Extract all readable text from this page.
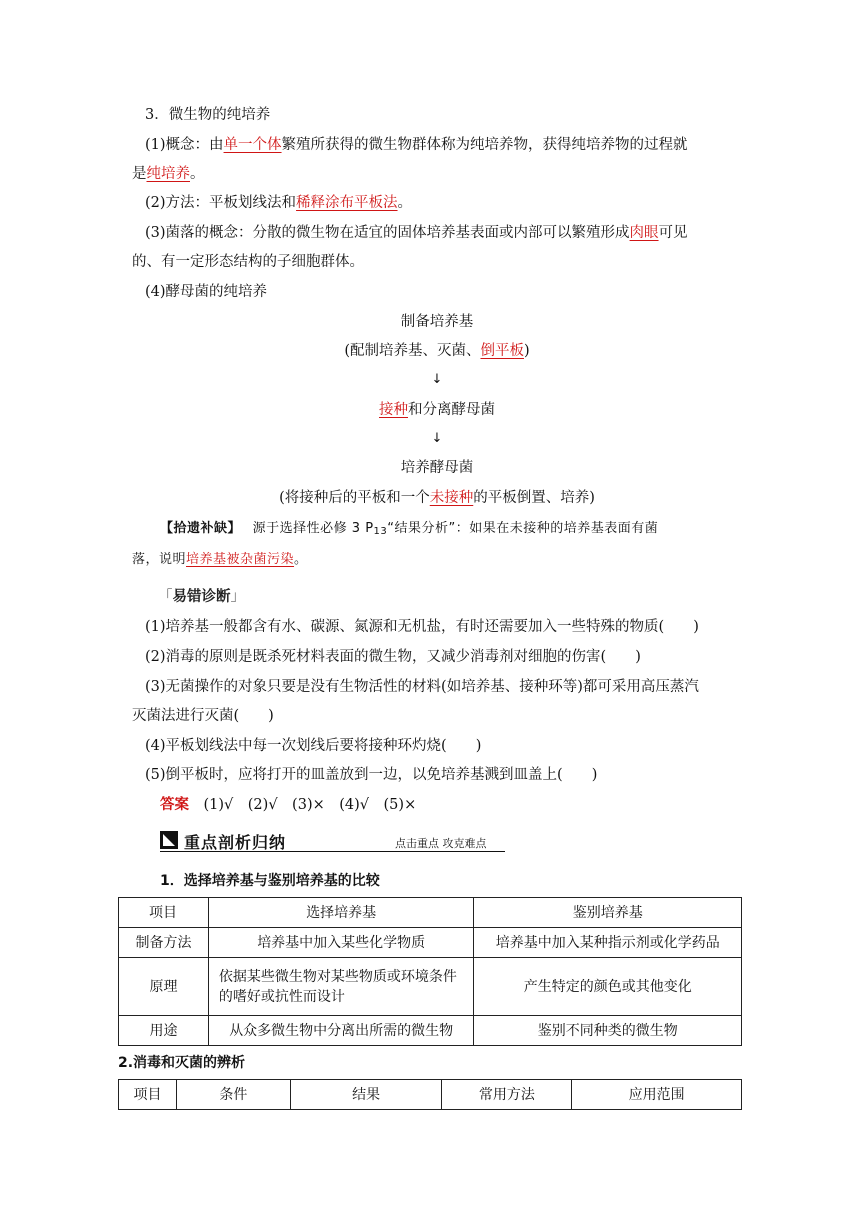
3．微生物的纯培养
(1)概念：由单一个体繁殖所获得的微生物群体称为纯培养物，获得纯培养物的过程就
是纯培养。
(2)方法：平板划线法和稀释涂布平板法。
(3)菌落的概念：分散的微生物在适宜的固体培养基表面或内部可以繁殖形成肉眼可见
的、有一定形态结构的子细胞群体。
(4)酵母菌的纯培养
制备培养基
(配制培养基、灭菌、倒平板)
↓
接种和分离酵母菌
↓
培养酵母菌
(将接种后的平板和一个未接种的平板倒置、培养)
【拾遗补缺】　 源于选择性必修 3 $P_{13}“$结果分析”：如果在未接种的培养基表面有菌
落，说明培养基被杂菌污染。
「易错诊断」
(1)培养基一般都含有水、碳源、氮源和无机盐，有时还需要加入一些特殊的物质(　　)
(2)消毒的原则是既杀死材料表面的微生物，又减少消毒剂对细胞的伤害(　　)
(3)无菌操作的对象只要是没有生物活性的材料(如培养基、接种环等)都可采用高压蒸汽
灭菌法进行灭菌(　　)
(4)平板划线法中每一次划线后要将接种环灼烧(　　)
(5)倒平板时，应将打开的皿盖放到一边，以免培养基溅到皿盖上(　　)
答案　 (1)√　(2)√　(3)×　(4)√　(5)×
重点剖析归纳	点击重点 攻克难点
1．选择培养基与鉴别培养基的比较
项目	选择培养基	鉴别培养基
制备方法	培养基中加入某些化学物质	培养基中加入某种指示剂或化学药品
原理	依据某些微生物对某些物质或环境条件的嗜好或抗性而设计	产生特定的颜色或其他变化
用途	从众多微生物中分离出所需的微生物	鉴别不同种类的微生物
2.消毒和灭菌的辨析
项目	条件	结果	常用方法	应用范围
